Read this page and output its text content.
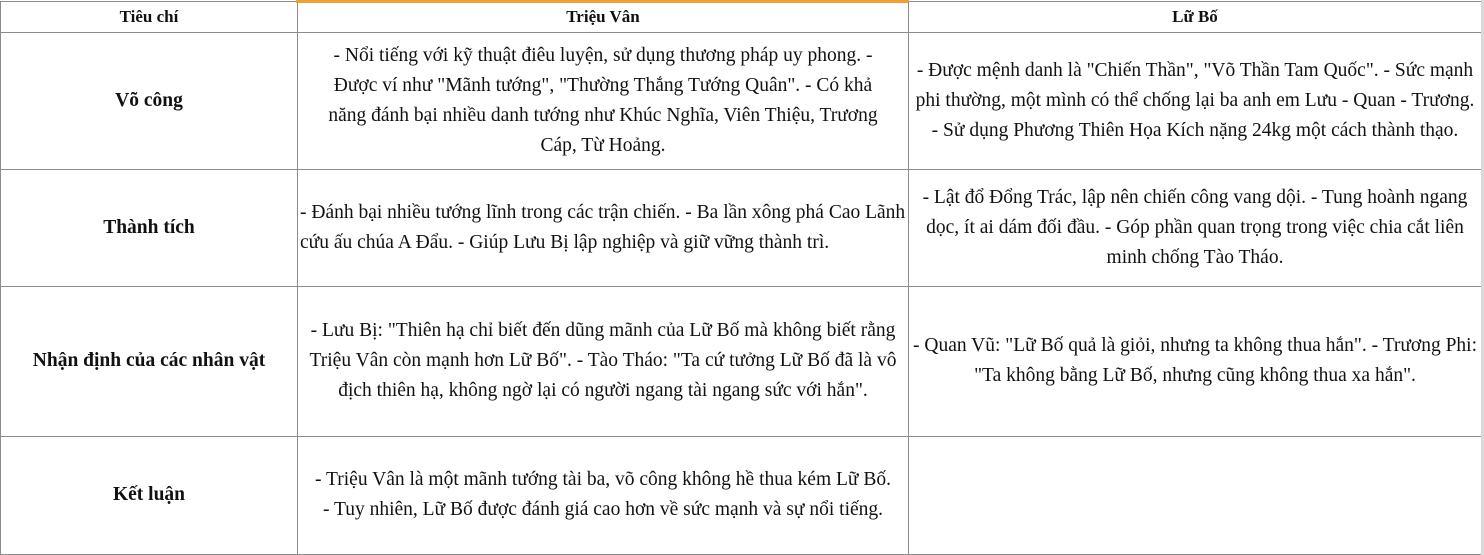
Tiêu chí	Triệu Vân	Lữ Bố
Võ công	- Nổi tiếng với kỹ thuật điêu luyện, sử dụng thương pháp uy phong. - Được ví như "Mãnh tướng", "Thường Thắng Tướng Quân". - Có khả năng đánh bại nhiều danh tướng như Khúc Nghĩa, Viên Thiệu, Trương Cáp, Từ Hoảng.	- Được mệnh danh là "Chiến Thần", "Võ Thần Tam Quốc". - Sức mạnh phi thường, một mình có thể chống lại ba anh em Lưu - Quan - Trương. - Sử dụng Phương Thiên Họa Kích nặng 24kg một cách thành thạo.
Thành tích	- Đánh bại nhiều tướng lĩnh trong các trận chiến. - Ba lần xông phá Cao Lãnh cứu ấu chúa A Đẩu. - Giúp Lưu Bị lập nghiệp và giữ vững thành trì.	- Lật đổ Đổng Trác, lập nên chiến công vang dội. - Tung hoành ngang dọc, ít ai dám đối đầu. - Góp phần quan trọng trong việc chia cắt liên minh chống Tào Tháo.
Nhận định của các nhân vật	- Lưu Bị: "Thiên hạ chỉ biết đến dũng mãnh của Lữ Bố mà không biết rằng Triệu Vân còn mạnh hơn Lữ Bố". - Tào Tháo: "Ta cứ tưởng Lữ Bố đã là vô địch thiên hạ, không ngờ lại có người ngang tài ngang sức với hắn".	- Quan Vũ: "Lữ Bố quả là giỏi, nhưng ta không thua hắn". - Trương Phi: "Ta không bằng Lữ Bố, nhưng cũng không thua xa hắn".
Kết luận	- Triệu Vân là một mãnh tướng tài ba, võ công không hề thua kém Lữ Bố. - Tuy nhiên, Lữ Bố được đánh giá cao hơn về sức mạnh và sự nổi tiếng.	
